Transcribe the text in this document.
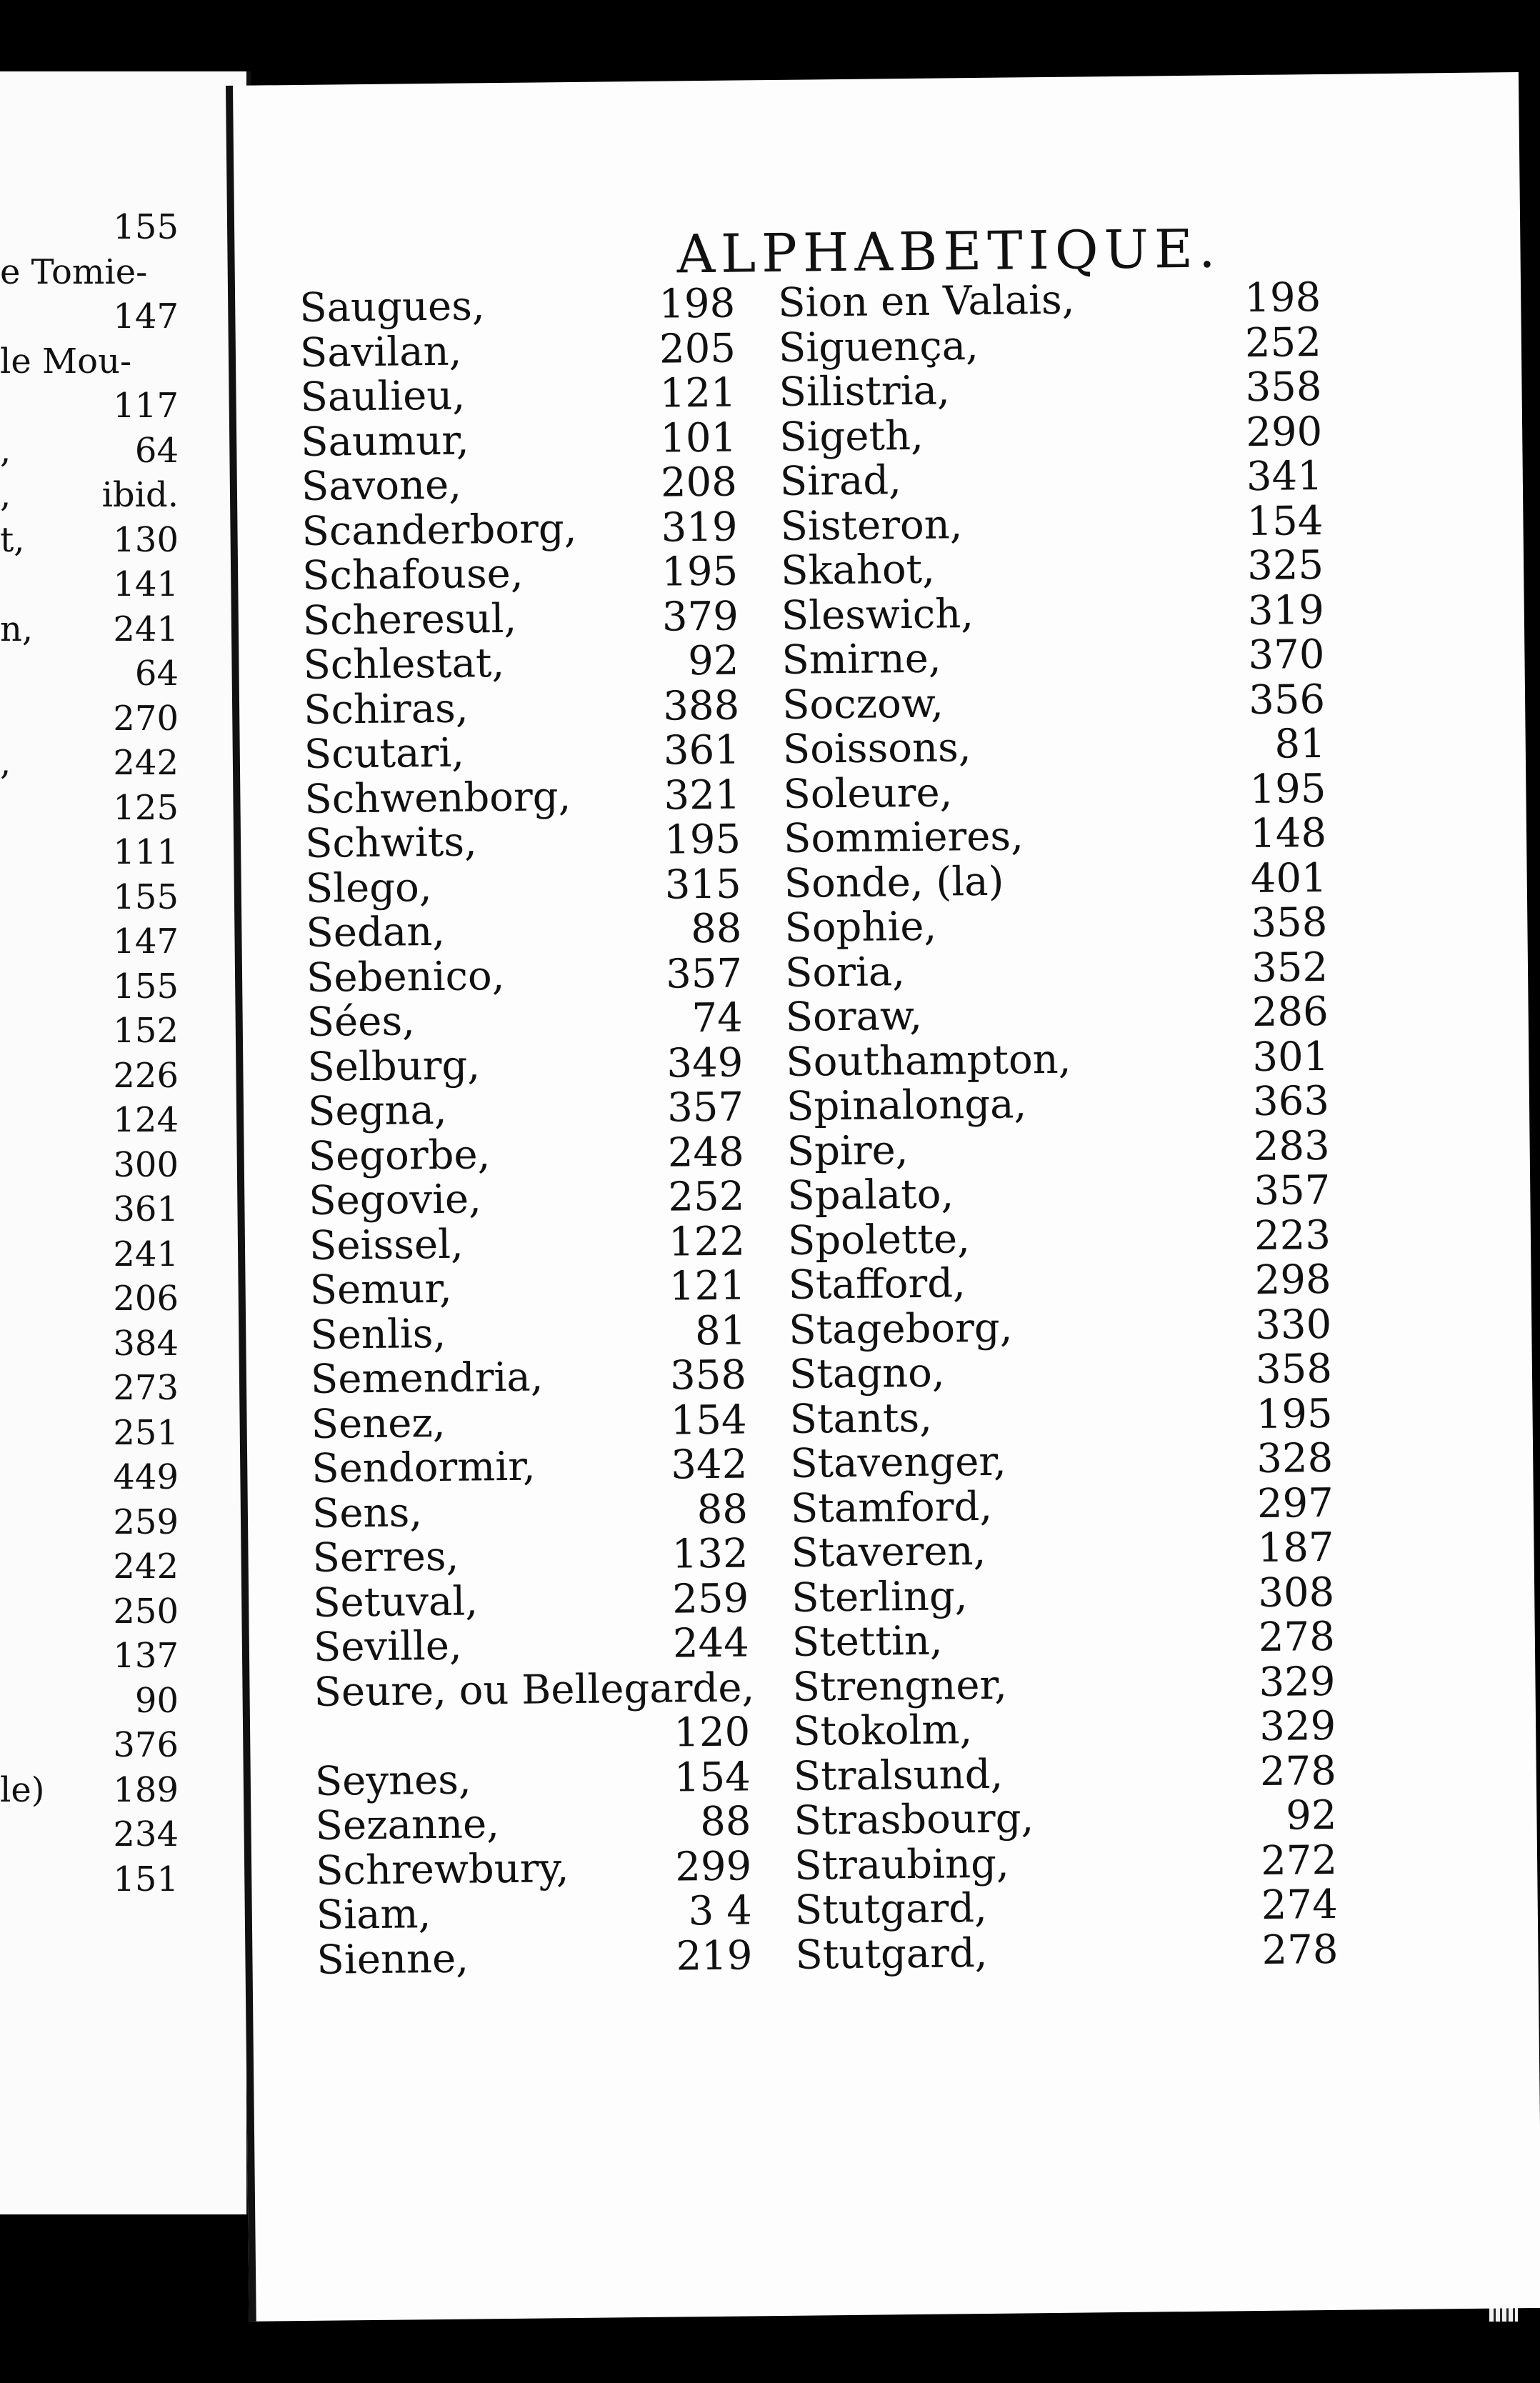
155
e Tomie-
147
le Mou-
117
,	64
,	ibid.
t,	130
141
n, 241
64
270
,	242
125
111
155
147
155
152
226
124
300
361
241
206
384
273
251
449
259
242
250
137
90
376
le) 189
234
151
ALPHABETIQUE.
Saugues,	198
Savilan,	205
Saulieu,	121
Saumur,	101
Savone,	208
Scanderborg, 319
Schafouse,	195
Scheresul,	379
Schlestat,	92
Schiras,	388
Scutari,	361
Schwenborg, 321
Schwits,	195
Slego,	315
Sedan,	88
Sebenico,	357
Sées,	74
Selburg,	349
Segna,	357
Segorbe,	248
Segovie,	252
Seissel,	122
Semur,	121
Senlis,	81
Semendria,	358
Senez,	154
Sendormir,	342
Sens,	88
Serres,	132
Setuval,	259
Seville,	244
Seure, ou Bellegarde,
120
Seynes,	154
Sezanne,	88
Schrewbury,	299
Siam,	3 4
Sienne,	219
Sion en Valais,	198
Siguença,	252
Silistria,	358
Sigeth,	290
Sirad,	341
Sisteron,	154
Skahot,	325
Sleswich,	319
Smirne,	370
Soczow,	356
Soissons,	81
Soleure,	195
Sommieres,	148
Sonde, (la)	401
Sophie,	358
Soria,	352
Soraw,	286
Southampton,	301
Spinalonga,	363
Spire,	283
Spalato,	357
Spolette,	223
Stafford,	298
Stageborg,	330
Stagno,	358
Stants,	195
Stavenger,	328
Stamford,	297
Staveren,	187
Sterling,	308
Stettin,	278
Strengner,	329
Stokolm,	329
Stralsund,	278
Strasbourg,	92
Straubing,	272
Stutgard,	274
Stutgard,	278
